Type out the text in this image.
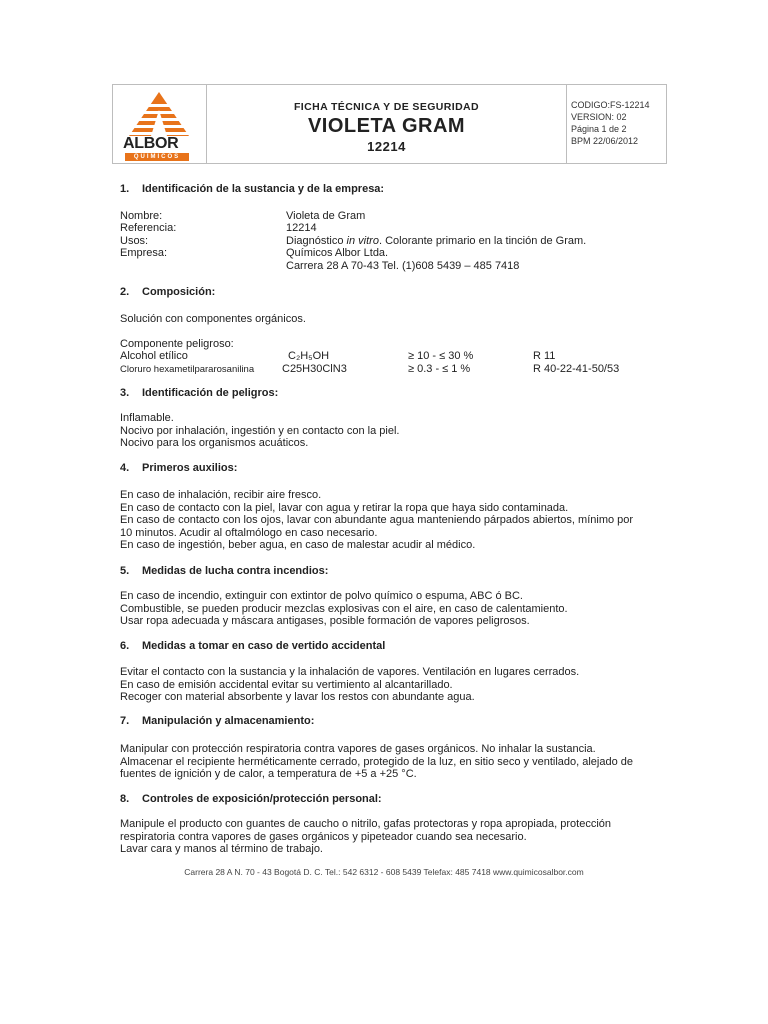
ALBOR
QUIMICOS
FICHA TÉCNICA Y DE SEGURIDAD
VIOLETA GRAM
12214
CODIGO:FS-12214
VERSION: 02
Página 1 de 2
BPM 22/06/2012
1. Identificación de la sustancia y de la empresa:
Nombre:	Violeta de Gram
Referencia:	12214
Usos:	Diagnóstico in vitro. Colorante primario en la tinción de Gram.
Empresa:	Químicos Albor Ltda.
Carrera 28 A 70-43 Tel. (1)608 5439 – 485 7418
2. Composición:
Solución con componentes orgánicos.
Componente peligroso:
Alcohol etílico	C₂H₅OH	≥ 10 - ≤ 30 %	R 11
Cloruro hexametilpararosanilina	C25H30ClN3	≥ 0.3 - ≤ 1 %	R 40-22-41-50/53
3. Identificación de peligros:
Inflamable.
Nocivo por inhalación, ingestión y en contacto con la piel.
Nocivo para los organismos acuáticos.
4. Primeros auxilios:
En caso de inhalación, recibir aire fresco.
En caso de contacto con la piel, lavar con agua y retirar la ropa que haya sido contaminada.
En caso de contacto con los ojos, lavar con abundante agua manteniendo párpados abiertos, mínimo por
10 minutos. Acudir al oftalmólogo en caso necesario.
En caso de ingestión, beber agua, en caso de malestar acudir al médico.
5. Medidas de lucha contra incendios:
En caso de incendio, extinguir con extintor de polvo químico o espuma, ABC ó BC.
Combustible, se pueden producir mezclas explosivas con el aire, en caso de calentamiento.
Usar ropa adecuada y máscara antigases, posible formación de vapores peligrosos.
6. Medidas a tomar en caso de vertido accidental
Evitar el contacto con la sustancia y la inhalación de vapores. Ventilación en lugares cerrados.
En caso de emisión accidental evitar su vertimiento al alcantarillado.
Recoger con material absorbente y lavar los restos con abundante agua.
7. Manipulación y almacenamiento:
Manipular con protección respiratoria contra vapores de gases orgánicos. No inhalar la sustancia.
Almacenar el recipiente herméticamente cerrado, protegido de la luz, en sitio seco y ventilado, alejado de
fuentes de ignición y de calor, a temperatura de +5 a +25 °C.
8. Controles de exposición/protección personal:
Manipule el producto con guantes de caucho o nitrilo, gafas protectoras y ropa apropiada, protección
respiratoria contra vapores de gases orgánicos y pipeteador cuando sea necesario.
Lavar cara y manos al término de trabajo.
Carrera 28 A N. 70 - 43 Bogotá D. C. Tel.: 542 6312 - 608 5439 Telefax: 485 7418 www.quimicosalbor.com
